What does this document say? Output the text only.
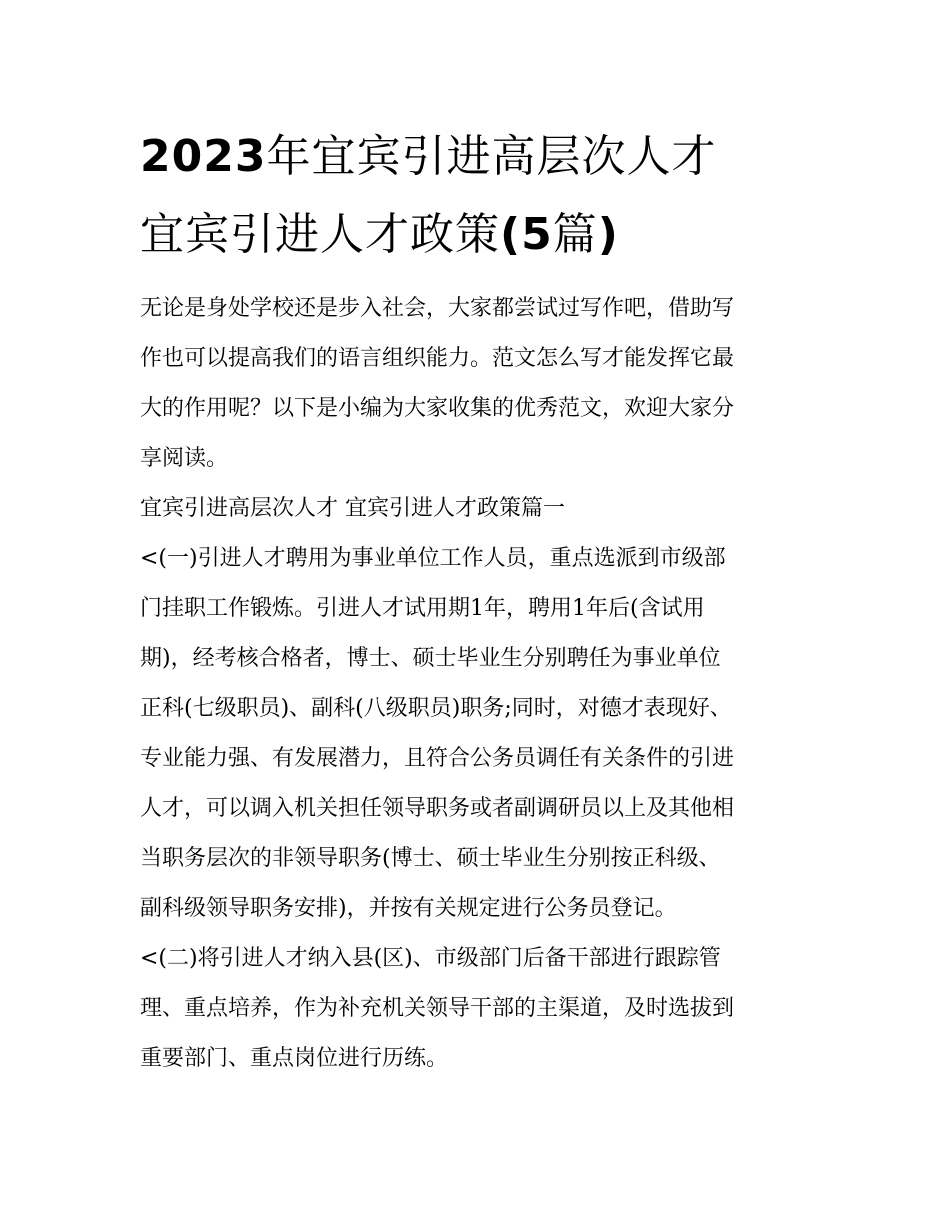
2023年宜宾引进高层次人才
宜宾引进人才政策(5篇)

无论是身处学校还是步入社会，大家都尝试过写作吧，借助写
作也可以提高我们的语言组织能力。范文怎么写才能发挥它最
大的作用呢？以下是小编为大家收集的优秀范文，欢迎大家分
享阅读。

宜宾引进高层次人才 宜宾引进人才政策篇一

<(一)引进人才聘用为事业单位工作人员，重点选派到市级部
门挂职工作锻炼。引进人才试用期1年，聘用1年后(含试用
期)，经考核合格者，博士、硕士毕业生分别聘任为事业单位
正科(七级职员)、副科(八级职员)职务;同时，对德才表现好、
专业能力强、有发展潜力，且符合公务员调任有关条件的引进
人才，可以调入机关担任领导职务或者副调研员以上及其他相
当职务层次的非领导职务(博士、硕士毕业生分别按正科级、
副科级领导职务安排)，并按有关规定进行公务员登记。

<(二)将引进人才纳入县(区)、市级部门后备干部进行跟踪管
理、重点培养，作为补充机关领导干部的主渠道，及时选拔到
重要部门、重点岗位进行历练。
